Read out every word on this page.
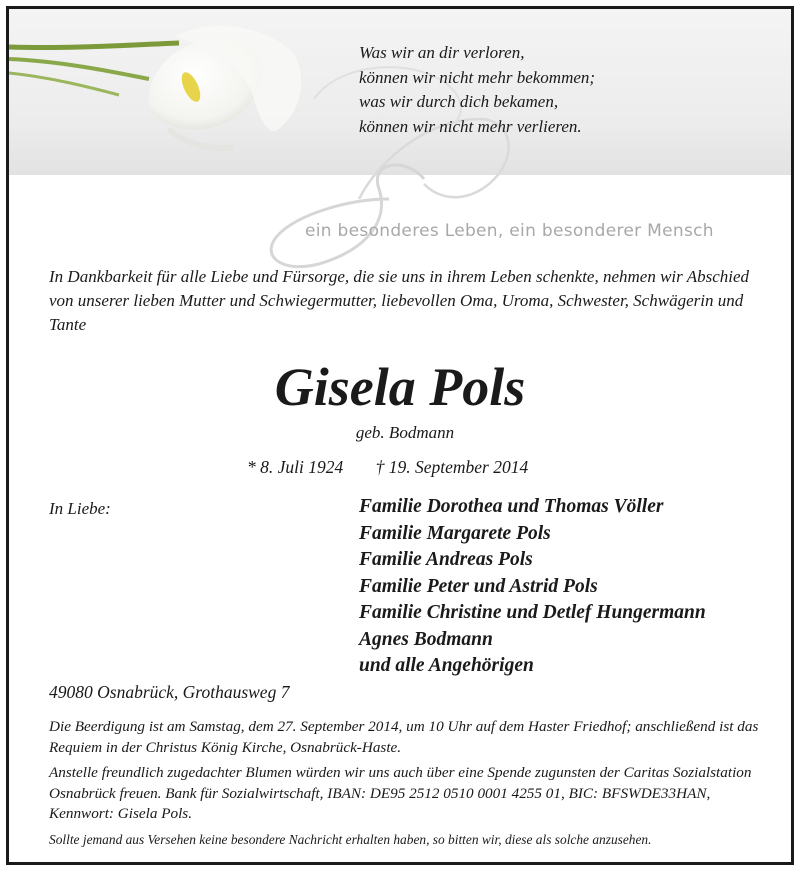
Was wir an dir verloren,
können wir nicht mehr bekommen;
was wir durch dich bekamen,
können wir nicht mehr verlieren.
ein besonderes Leben, ein besonderer Mensch
In Dankbarkeit für alle Liebe und Fürsorge, die sie uns in ihrem Leben schenkte, nehmen wir Abschied von unserer lieben Mutter und Schwiegermutter, liebevollen Oma, Uroma, Schwester, Schwägerin und Tante
Gisela Pols
geb. Bodmann
* 8. Juli 1924 † 19. September 2014
In Liebe:	Familie Dorothea und Thomas Völler
Familie Margarete Pols
Familie Andreas Pols
Familie Peter und Astrid Pols
Familie Christine und Detlef Hungermann
Agnes Bodmann
und alle Angehörigen
49080 Osnabrück, Grothausweg 7
Die Beerdigung ist am Samstag, dem 27. September 2014, um 10 Uhr auf dem Haster Friedhof; anschließend ist das Requiem in der Christus König Kirche, Osnabrück-Haste.
Anstelle freundlich zugedachter Blumen würden wir uns auch über eine Spende zugunsten der Caritas Sozialstation Osnabrück freuen. Bank für Sozialwirtschaft, IBAN: DE95 2512 0510 0001 4255 01, BIC: BFSWDE33HAN, Kennwort: Gisela Pols.
Sollte jemand aus Versehen keine besondere Nachricht erhalten haben, so bitten wir, diese als solche anzusehen.
